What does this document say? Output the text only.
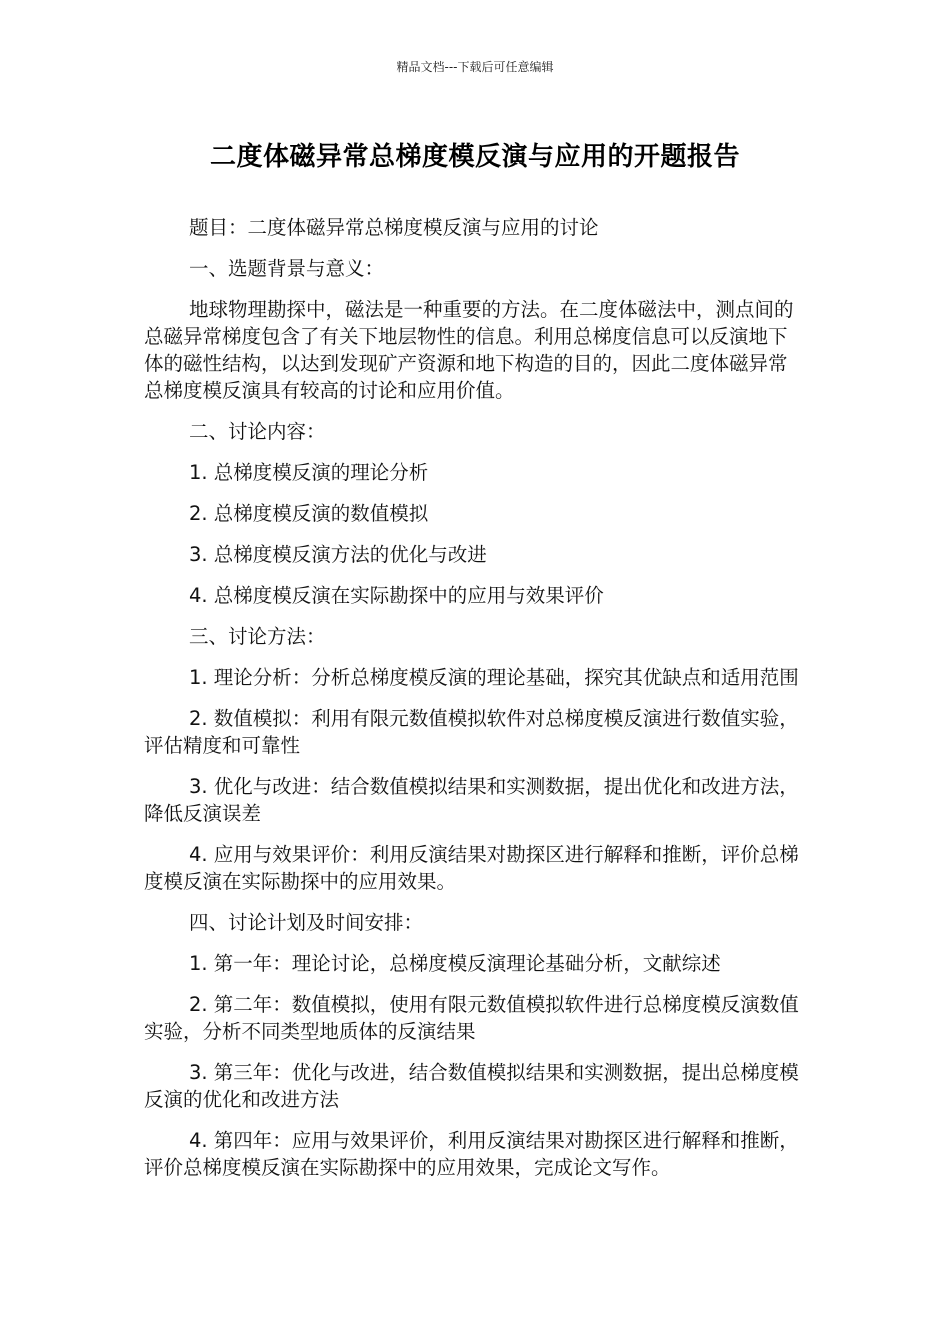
精品文档---下载后可任意编辑
二度体磁异常总梯度模反演与应用的开题报告

题目：二度体磁异常总梯度模反演与应用的讨论

一、选题背景与意义：

地球物理勘探中，磁法是一种重要的方法。在二度体磁法中，测点间的总磁异常梯度包含了有关下地层物性的信息。利用总梯度信息可以反演地下体的磁性结构，以达到发现矿产资源和地下构造的目的，因此二度体磁异常总梯度模反演具有较高的讨论和应用价值。

二、讨论内容：

1. 总梯度模反演的理论分析

2. 总梯度模反演的数值模拟

3. 总梯度模反演方法的优化与改进

4. 总梯度模反演在实际勘探中的应用与效果评价

三、讨论方法：

1. 理论分析：分析总梯度模反演的理论基础，探究其优缺点和适用范围

2. 数值模拟：利用有限元数值模拟软件对总梯度模反演进行数值实验，评估精度和可靠性

3. 优化与改进：结合数值模拟结果和实测数据，提出优化和改进方法，降低反演误差

4. 应用与效果评价：利用反演结果对勘探区进行解释和推断，评价总梯度模反演在实际勘探中的应用效果。

四、讨论计划及时间安排：

1. 第一年：理论讨论，总梯度模反演理论基础分析，文献综述

2. 第二年：数值模拟，使用有限元数值模拟软件进行总梯度模反演数值实验，分析不同类型地质体的反演结果

3. 第三年：优化与改进，结合数值模拟结果和实测数据，提出总梯度模反演的优化和改进方法

4. 第四年：应用与效果评价，利用反演结果对勘探区进行解释和推断，评价总梯度模反演在实际勘探中的应用效果，完成论文写作。
